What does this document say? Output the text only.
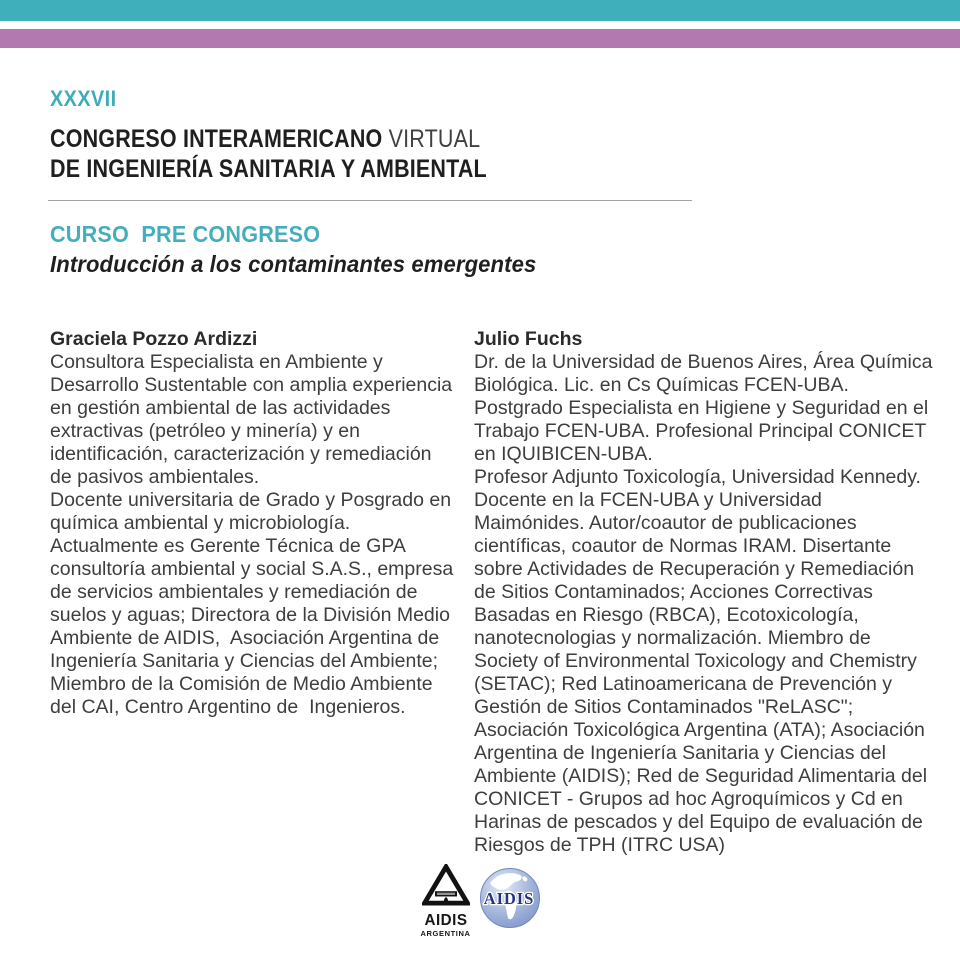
XXXVII
CONGRESO INTERAMERICANO VIRTUAL
DE INGENIERÍA SANITARIA Y AMBIENTAL
CURSO  PRE CONGRESO
Introducción a los contaminantes emergentes
Graciela Pozzo Ardizzi

Consultora Especialista en Ambiente y Desarrollo Sustentable con amplia experiencia en gestión ambiental de las actividades extractivas (petróleo y minería) y en identificación, caracterización y remediación de pasivos ambientales.

Docente universitaria de Grado y Posgrado en química ambiental y microbiología.

Actualmente es Gerente Técnica de GPA consultoría ambiental y social S.A.S., empresa de servicios ambientales y remediación de suelos y aguas; Directora de la División Medio Ambiente de AIDIS,  Asociación Argentina de Ingeniería Sanitaria y Ciencias del Ambiente; Miembro de la Comisión de Medio Ambiente del CAI, Centro Argentino de  Ingenieros.

Julio Fuchs

Dr. de la Universidad de Buenos Aires, Área Química Biológica. Lic. en Cs Químicas FCEN-UBA. Postgrado Especialista en Higiene y Seguridad en el Trabajo FCEN-UBA. Profesional Principal CONICET en IQUIBICEN-UBA.

Profesor Adjunto Toxicología, Universidad Kennedy. Docente en la FCEN-UBA y Universidad Maimónides. Autor/coautor de publicaciones científicas, coautor de Normas IRAM. Disertante sobre Actividades de Recuperación y Remediación de Sitios Contaminados; Acciones Correctivas Basadas en Riesgo (RBCA), Ecotoxicología, nanotecnologias y normalización. Miembro de Society of Environmental Toxicology and Chemistry (SETAC); Red Latinoamericana de Prevención y Gestión de Sitios Contaminados "ReLASC"; Asociación Toxicológica Argentina (ATA); Asociación Argentina de Ingeniería Sanitaria y Ciencias del Ambiente (AIDIS); Red de Seguridad Alimentaria del CONICET - Grupos ad hoc Agroquímicos y Cd en Harinas de pescados y del Equipo de evaluación de Riesgos de TPH (ITRC USA)

AIDIS
ARGENTINA
AIDIS
